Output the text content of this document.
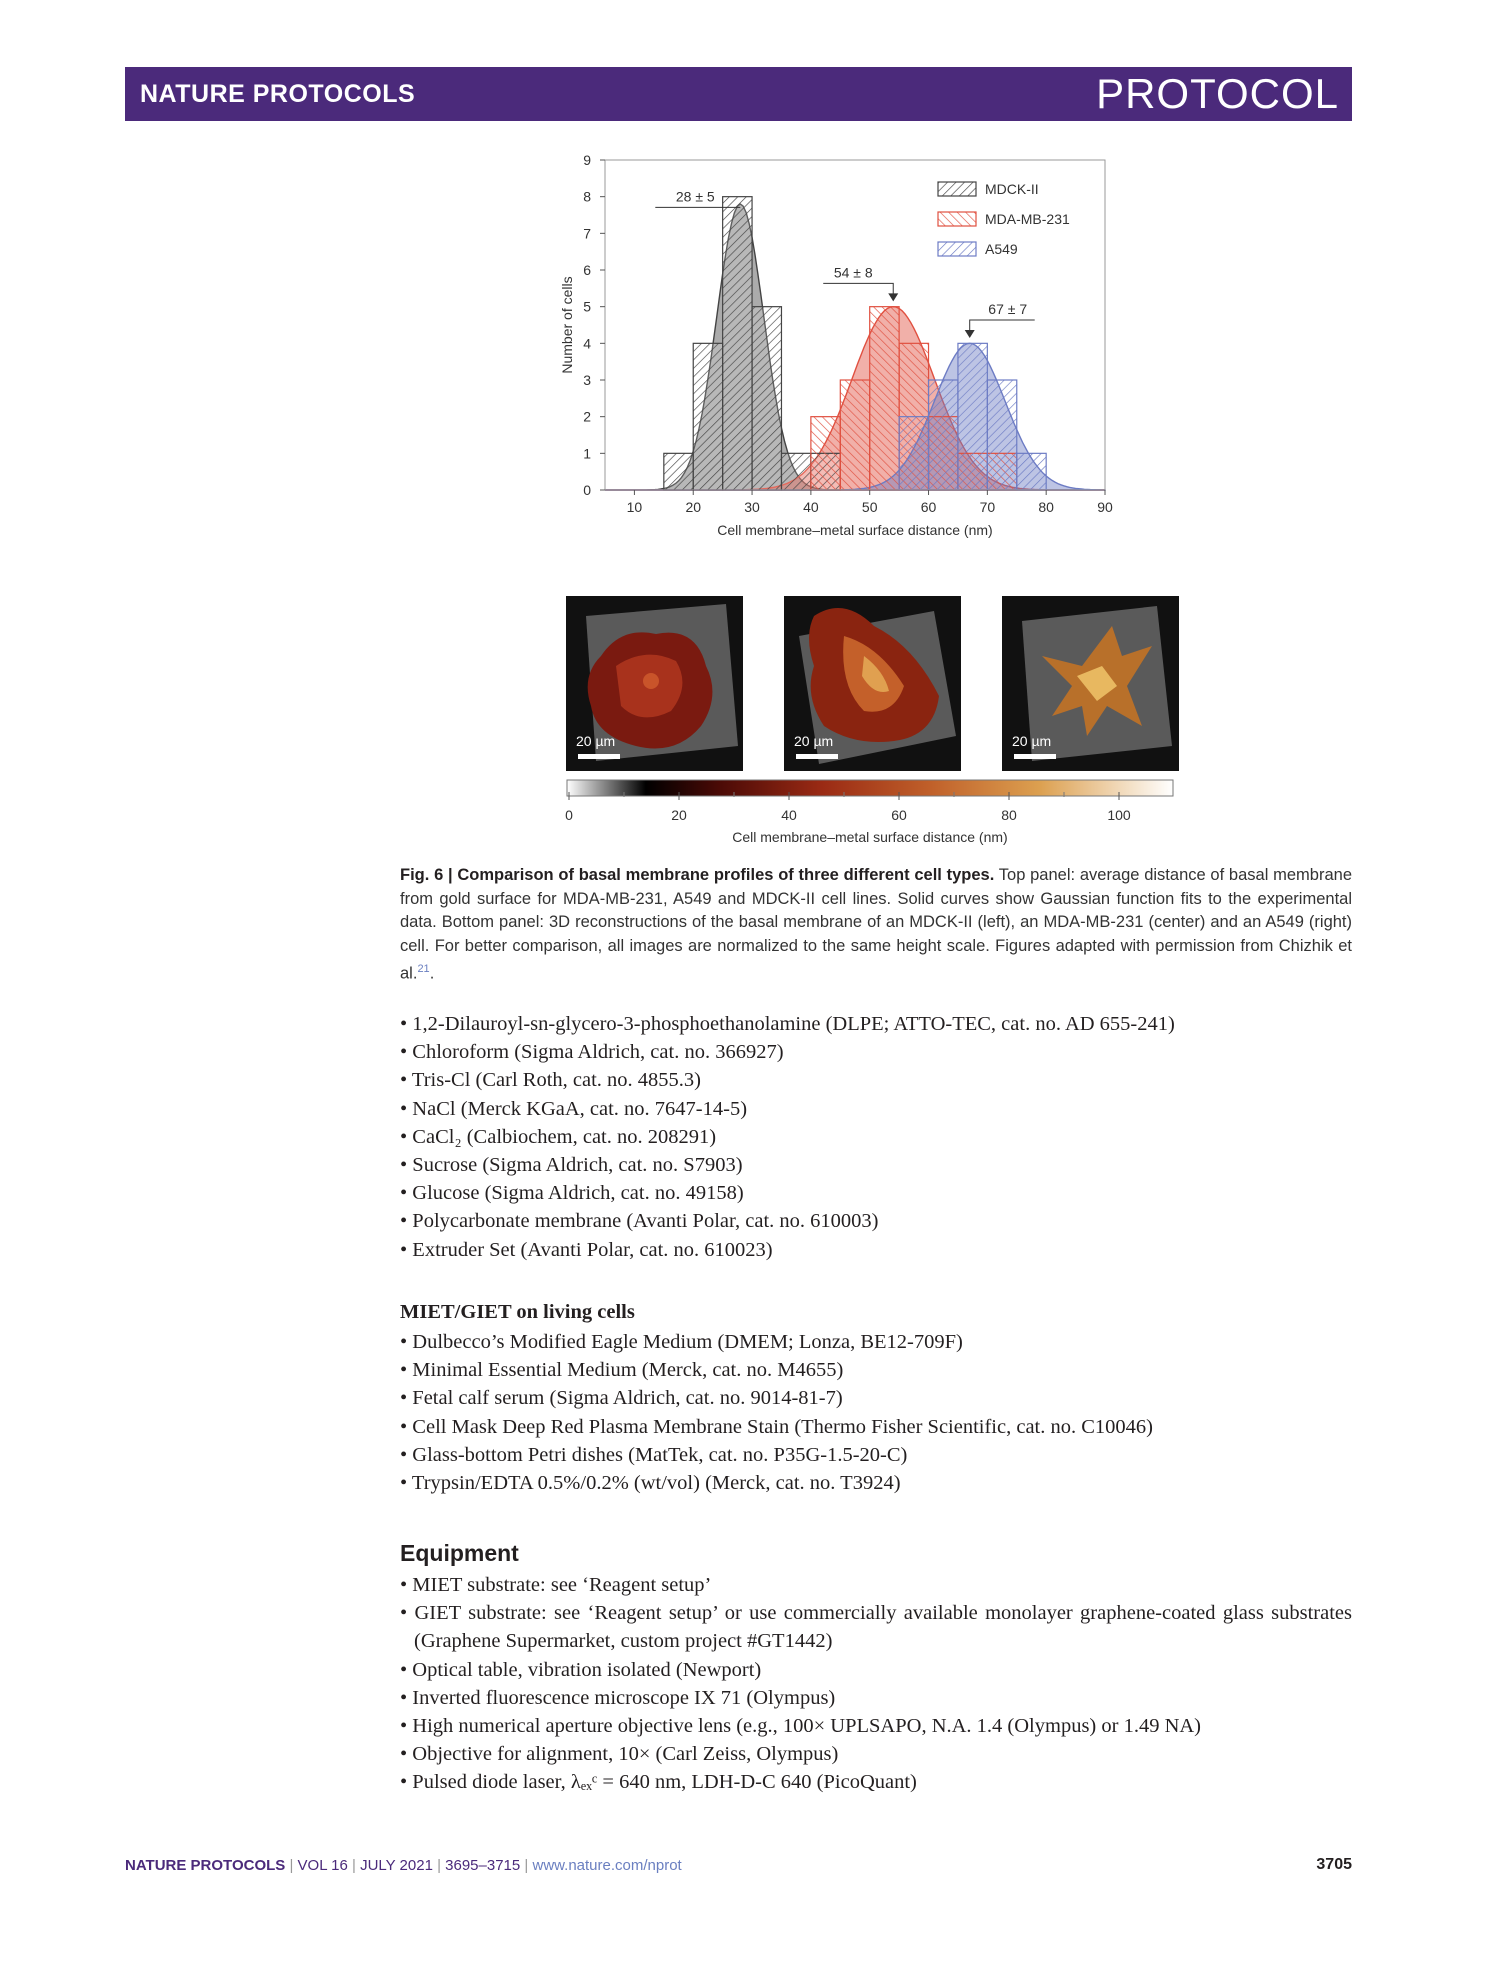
NATURE PROTOCOLS	PROTOCOL
10	20	30	40	50	60	70	80	90
0
1
2
3
4
5
6
7
8
9
28 ± 5
54 ± 8
67 ± 7
MDCK-II
MDA-MB-231
A549
Number of cells
Cell membrane–metal surface distance (nm)
20 µm	20 µm	20 µm
0	20	40	60	80	100
Cell membrane–metal surface distance (nm)
Fig. 6 | Comparison of basal membrane profiles of three different cell types. Top panel: average distance of basal membrane from gold surface for MDA-MB-231, A549 and MDCK-II cell lines. Solid curves show Gaussian function fits to the experimental data. Bottom panel: 3D reconstructions of the basal membrane of an MDCK-II (left), an MDA-MB-231 (center) and an A549 (right) cell. For better comparison, all images are normalized to the same height scale. Figures adapted with permission from Chizhik et al.$^{21}$.
• 1,2-Dilauroyl-sn-glycero-3-phosphoethanolamine (DLPE; ATTO-TEC, cat. no. AD 655-241)
• Chloroform (Sigma Aldrich, cat. no. 366927)
• Tris-Cl (Carl Roth, cat. no. 4855.3)
• NaCl (Merck KGaA, cat. no. 7647-14-5)
• CaCl₂ (Calbiochem, cat. no. 208291)
• Sucrose (Sigma Aldrich, cat. no. S7903)
• Glucose (Sigma Aldrich, cat. no. 49158)
• Polycarbonate membrane (Avanti Polar, cat. no. 610003)
• Extruder Set (Avanti Polar, cat. no. 610023)
MIET/GIET on living cells
• Dulbecco’s Modified Eagle Medium (DMEM; Lonza, BE12-709F)
• Minimal Essential Medium (Merck, cat. no. M4655)
• Fetal calf serum (Sigma Aldrich, cat. no. 9014-81-7)
• Cell Mask Deep Red Plasma Membrane Stain (Thermo Fisher Scientific, cat. no. C10046)
• Glass-bottom Petri dishes (MatTek, cat. no. P35G-1.5-20-C)
• Trypsin/EDTA 0.5%/0.2% (wt/vol) (Merck, cat. no. T3924)
Equipment
• MIET substrate: see ‘Reagent setup’
• GIET substrate: see ‘Reagent setup’ or use commercially available monolayer graphene-coated glass substrates (Graphene Supermarket, custom project #GT1442)
• Optical table, vibration isolated (Newport)
• Inverted fluorescence microscope IX 71 (Olympus)
• High numerical aperture objective lens (e.g., 100× UPLSAPO, N.A. 1.4 (Olympus) or 1.49 NA)
• Objective for alignment, 10× (Carl Zeiss, Olympus)
• Pulsed diode laser, λₑₓᶜ = 640 nm, LDH-D-C 640 (PicoQuant)
NATURE PROTOCOLS | VOL 16 | JULY 2021 | 3695–3715 | www.nature.com/nprot	3705
